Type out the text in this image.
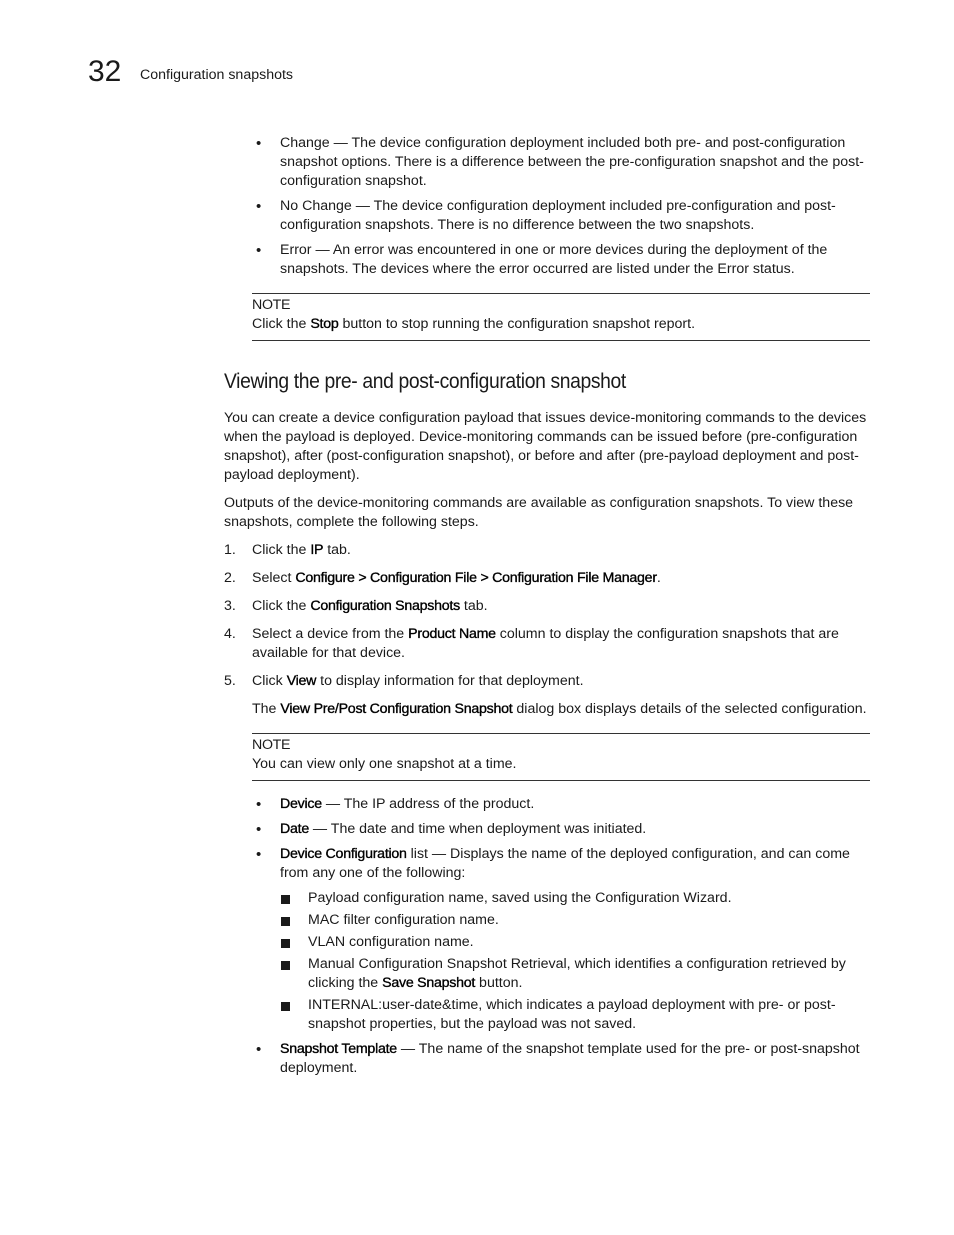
32 Configuration snapshots
• Change — The device configuration deployment included both pre- and post-configuration snapshot options. There is a difference between the pre-configuration snapshot and the post- configuration snapshot.
• No Change — The device configuration deployment included pre-configuration and post-configuration snapshots. There is no difference between the two snapshots.
• Error — An error was encountered in one or more devices during the deployment of the snapshots. The devices where the error occurred are listed under the Error status.
NOTE
Click the Stop button to stop running the configuration snapshot report.
Viewing the pre- and post-configuration snapshot

You can create a device configuration payload that issues device-monitoring commands to the devices when the payload is deployed. Device-monitoring commands can be issued before (pre-configuration snapshot), after (post-configuration snapshot), or before and after (pre-payload deployment and post-payload deployment).

Outputs of the device-monitoring commands are available as configuration snapshots. To view these snapshots, complete the following steps.

1. Click the IP tab.
2. Select Configure > Configuration File > Configuration File Manager.
3. Click the Configuration Snapshots tab.
4. Select a device from the Product Name column to display the configuration snapshots that are available for that device.
5. Click View to display information for that deployment.

The View Pre/Post Configuration Snapshot dialog box displays details of the selected configuration.

NOTE
You can view only one snapshot at a time.
• Device — The IP address of the product.
• Date — The date and time when deployment was initiated.
• Device Configuration list — Displays the name of the deployed configuration, and can come from any one of the following:
Payload configuration name, saved using the Configuration Wizard.
MAC filter configuration name.
VLAN configuration name.
Manual Configuration Snapshot Retrieval, which identifies a configuration retrieved by clicking the Save Snapshot button.
INTERNAL:user-date&time, which indicates a payload deployment with pre- or post-snapshot properties, but the payload was not saved.
• Snapshot Template — The name of the snapshot template used for the pre- or post-snapshot deployment.
